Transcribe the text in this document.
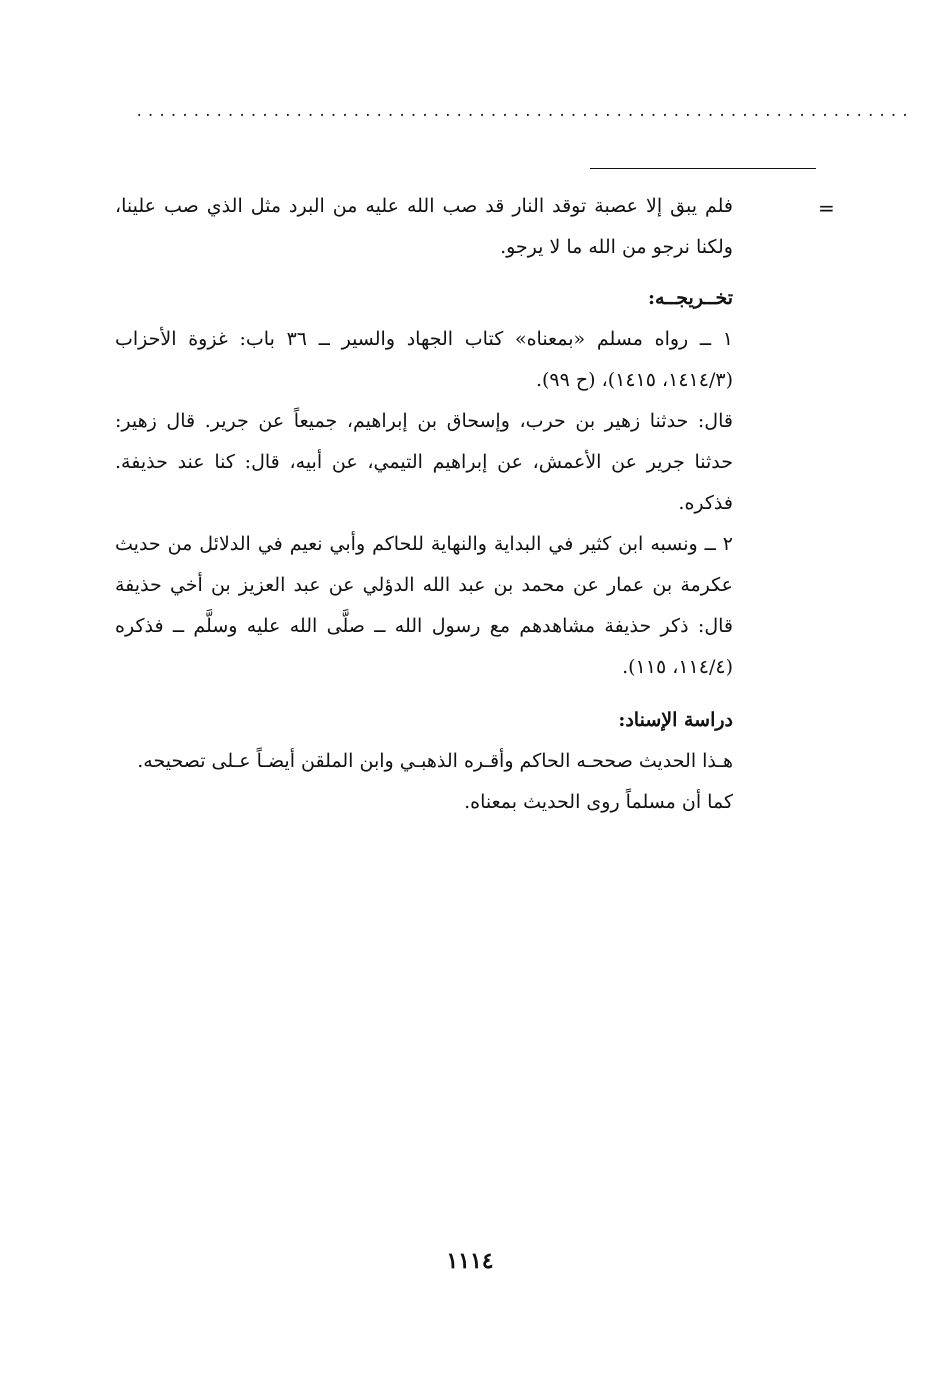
....................................................................
=

فلم يبق إلا عصبة توقد النار قد صب الله عليه من البرد مثل الذي صب علينا، ولكنا نرجو من الله ما لا يرجو.

تخــريجــه:

١ ــ رواه مسلم «بمعناه» كتاب الجهاد والسير ــ ٣٦ باب: غزوة الأحزاب (١٤١٤/٣، ١٤١٥)، (ح ٩٩).

قال: حدثنا زهير بن حرب، وإسحاق بن إبراهيم، جميعاً عن جرير. قال زهير: حدثنا جرير عن الأعمش، عن إبراهيم التيمي، عن أبيه، قال: كنا عند حذيفة. فذكره.

٢ ــ ونسبه ابن كثير في البداية والنهاية للحاكم وأبي نعيم في الدلائل من حديث عكرمة بن عمار عن محمد بن عبد الله الدؤلي عن عبد العزيز بن أخي حذيفة قال: ذكر حذيفة مشاهدهم مع رسول الله ــ صلَّى الله عليه وسلَّم ــ فذكره (١١٤/٤، ١١٥).

دراسة الإسناد:

هـذا الحديث صححـه الحاكم وأقـره الذهبـي وابن الملقن أيضـاً عـلى تصحيحه.

كما أن مسلماً روى الحديث بمعناه.

١١١٤
